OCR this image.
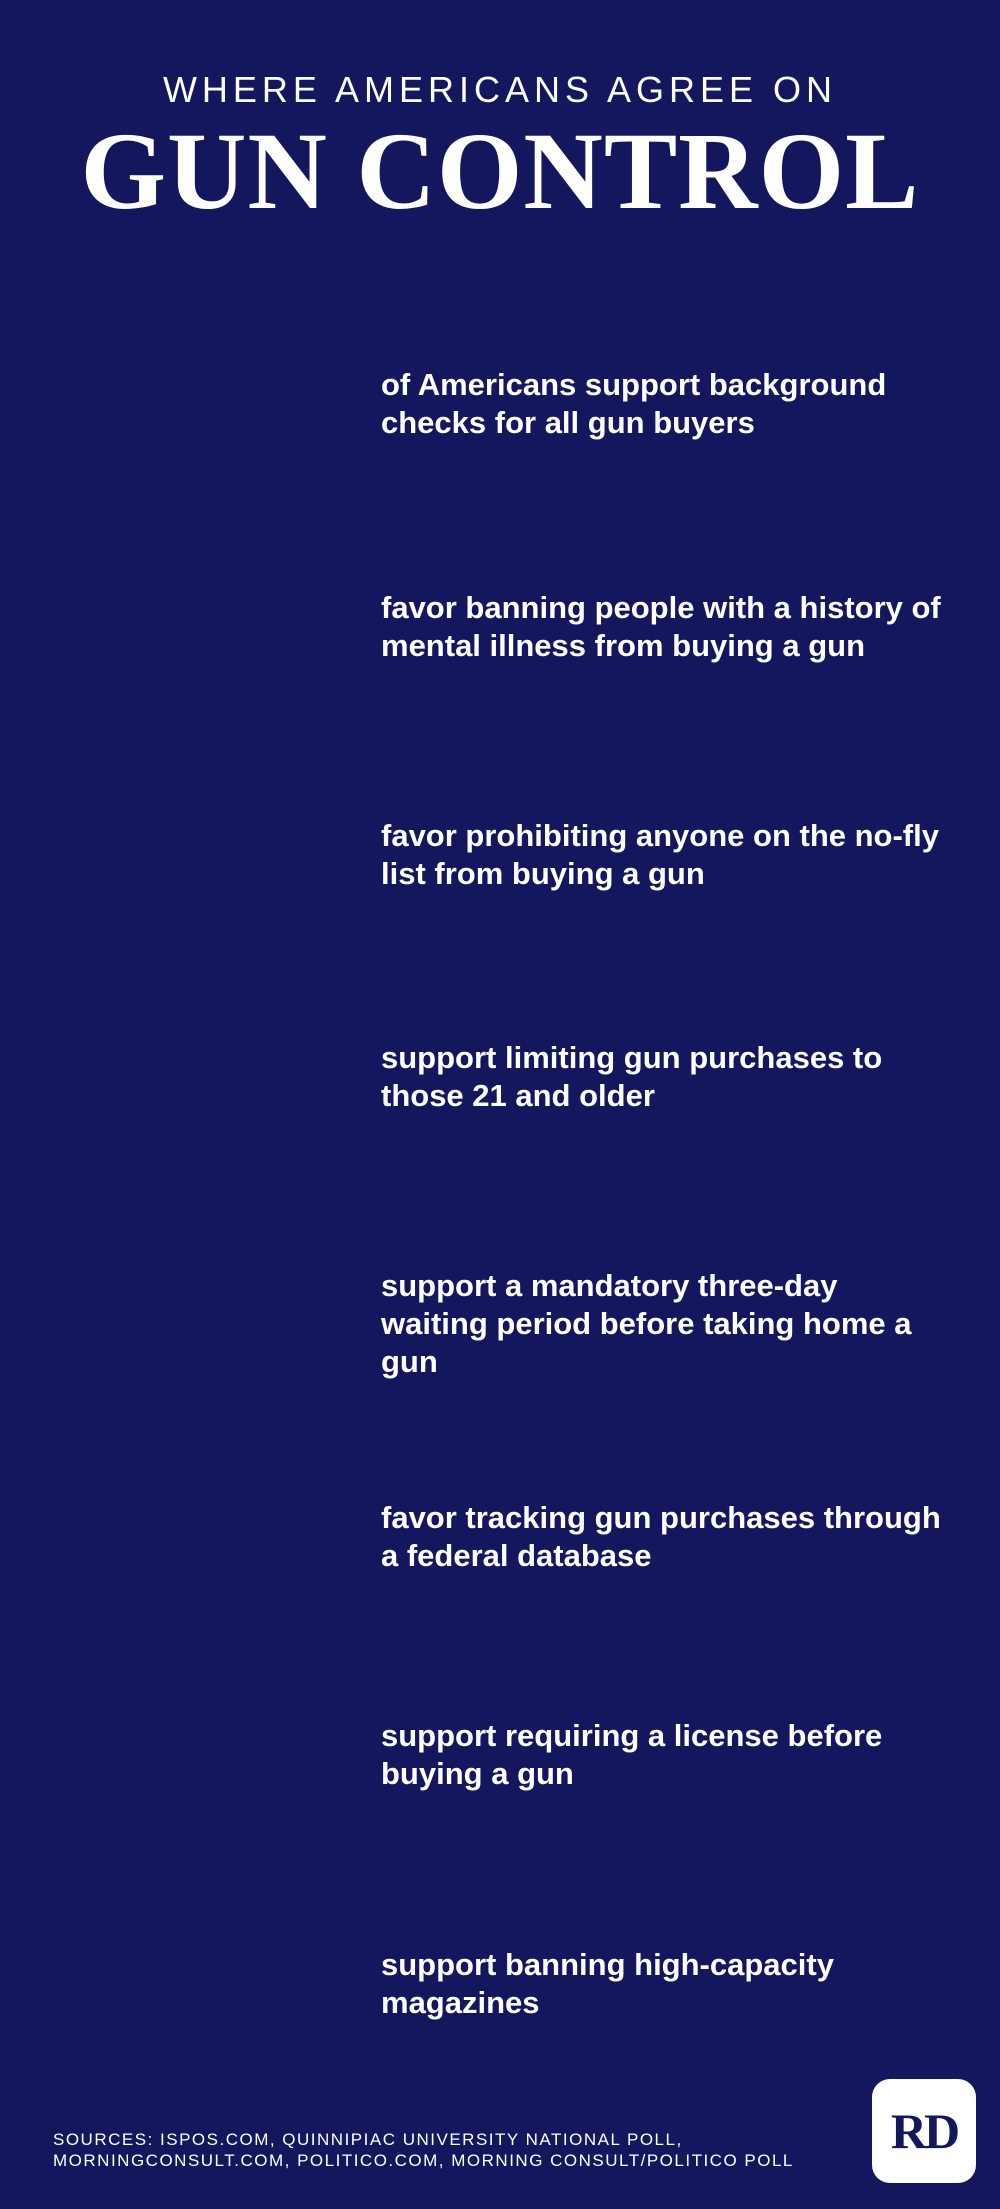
WHERE AMERICANS AGREE ON
GUN CONTROL
of Americans support background checks for all gun buyers
favor banning people with a history of mental illness from buying a gun
favor prohibiting anyone on the no-fly list from buying a gun
support limiting gun purchases to those 21 and older
support a mandatory three-day waiting period before taking home a gun
favor tracking gun purchases through a federal database
support requiring a license before buying a gun
support banning high-capacity magazines
SOURCES: ISPOS.COM, QUINNIPIAC UNIVERSITY NATIONAL POLL, MORNINGCONSULT.COM, POLITICO.COM, MORNING CONSULT/POLITICO POLL
RD
